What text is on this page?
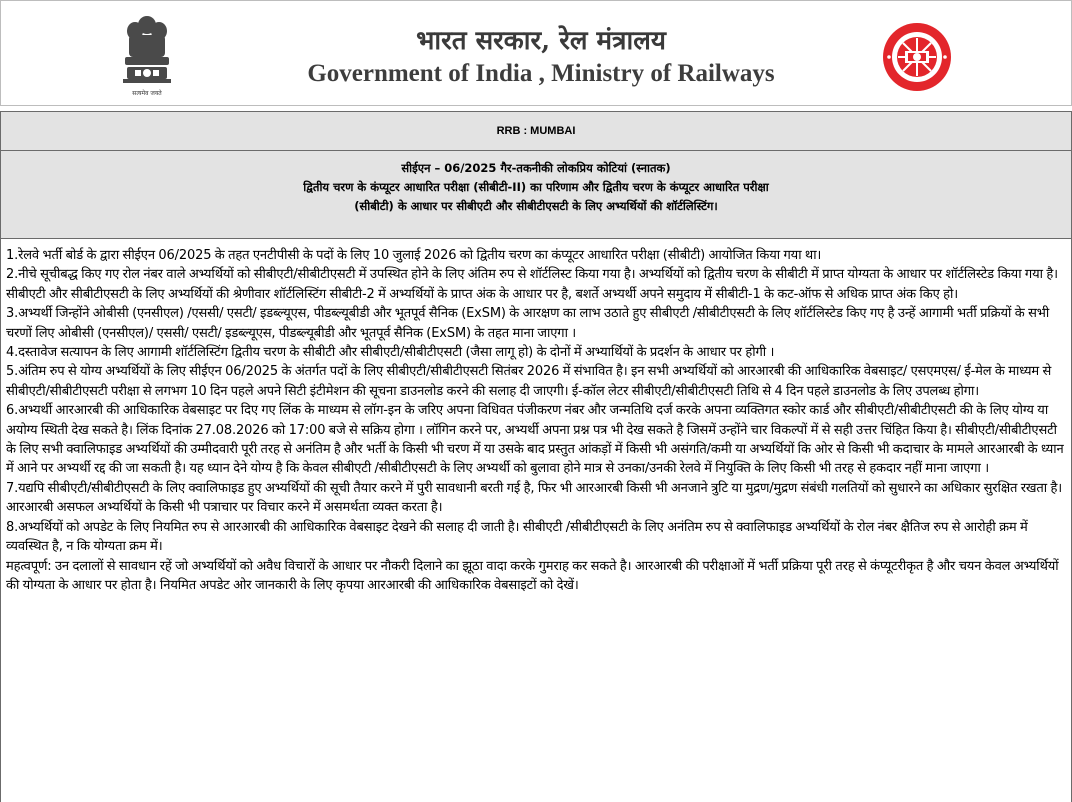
सत्यमेव जयते
भारत सरकार, रेल मंत्रालय
Government of India , Ministry of Railways
RRB : MUMBAI
सीईएन – 06/2025 गैर-तकनीकी लोकप्रिय कोटियां (स्नातक)
द्वितीय चरण के कंप्यूटर आधारित परीक्षा (सीबीटी-II) का परिणाम और द्वितीय चरण के कंप्यूटर आधारित परीक्षा
(सीबीटी) के आधार पर सीबीएटी और सीबीटीएसटी के लिए अभ्यर्थियों की शॉर्टलिस्टिंग।

1.रेलवे भर्ती बोर्ड के द्वारा सीईएन 06/2025 के तहत एनटीपीसी के पदों के लिए 10 जुलाई 2026 को द्वितीय चरण का कंप्यूटर आधारित परीक्षा (सीबीटी) आयोजित किया गया था।

2.नीचे सूचीबद्ध किए गए रोल नंबर वाले अभ्यर्थियों को सीबीएटी/सीबीटीएसटी में उपस्थित होने के लिए अंतिम रुप से शॉर्टलिस्ट किया गया है। अभ्यर्थियों को द्वितीय चरण के सीबीटी में प्राप्त योग्यता के आधार पर शॉर्टलिस्टेड किया गया है। सीबीएटी और सीबीटीएसटी के लिए अभ्यर्थियों की श्रेणीवार शॉर्टलिस्टिंग सीबीटी-2 में अभ्यर्थियों के प्राप्त अंक के आधार पर है, बशर्ते अभ्यर्थी अपने समुदाय में सीबीटी-1 के कट-ऑफ से अधिक प्राप्त अंक किए हो।

3.अभ्यर्थी जिन्होंने ओबीसी (एनसीएल) /एससी/ एसटी/ इडब्ल्यूएस, पीडब्ल्यूबीडी और भूतपूर्व सैनिक (ExSM) के आरक्षण का लाभ उठाते हुए सीबीएटी /सीबीटीएसटी के लिए शॉर्टलिस्टेड किए गए है उन्हें आगामी भर्ती प्रक्रियों के सभी चरणों लिए ओबीसी (एनसीएल)/ एससी/ एसटी/ इडब्ल्यूएस, पीडब्ल्यूबीडी और भूतपूर्व सैनिक (ExSM) के तहत माना जाएगा ।

4.दस्तावेज सत्यापन के लिए आगामी शॉर्टलिस्टिंग द्वितीय चरण के सीबीटी और सीबीएटी/सीबीटीएसटी (जैसा लागू हो) के दोनों में अभ्यार्थियों के प्रदर्शन के आधार पर होगी ।

5.अंतिम रुप से योग्य अभ्यर्थियों के लिए सीईएन 06/2025 के अंतर्गत पदों के लिए सीबीएटी/सीबीटीएसटी सितंबर 2026 में संभावित है। इन सभी अभ्यर्थियों को आरआरबी की आधिकारिक वेबसाइट/ एसएमएस/ ई-मेल के माध्यम से सीबीएटी/सीबीटीएसटी परीक्षा से लगभग 10 दिन पहले अपने सिटी इंटीमेशन की सूचना डाउनलोड करने की सलाह दी जाएगी। ई-कॉल लेटर सीबीएटी/सीबीटीएसटी तिथि से 4 दिन पहले डाउनलोड के लिए उपलब्ध होगा।

6.अभ्यर्थी आरआरबी की आधिकारिक वेबसाइट पर दिए गए लिंक के माध्यम से लॉग-इन के जरिए अपना विधिवत पंजीकरण नंबर और जन्मतिथि दर्ज करके अपना व्यक्तिगत स्कोर कार्ड और सीबीएटी/सीबीटीएसटी की के लिए योग्य या अयोग्य स्थिती देख सकते है। लिंक दिनांक 27.08.2026 को 17:00 बजे से सक्रिय होगा । लॉगिन करने पर, अभ्यर्थी अपना प्रश्न पत्र भी देख सकते है जिसमें उन्होंने चार विकल्पों में से सही उत्तर चिंहित किया है। सीबीएटी/सीबीटीएसटी के लिए सभी क्वालिफाइड अभ्यर्थियों की उम्मीदवारी पूरी तरह से अनंतिम है और भर्ती के किसी भी चरण में या उसके बाद प्रस्तुत आंकड़ों में किसी भी असंगति/कमी या अभ्यर्थियों कि ओर से किसी भी कदाचार के मामले आरआरबी के ध्यान में आने पर अभ्यर्थी रद्द की जा सकती है। यह ध्यान देने योग्य है कि केवल सीबीएटी /सीबीटीएसटी के लिए अभ्यर्थी को बुलावा होने मात्र से उनका/उनकी रेलवे में नियुक्ति के लिए किसी भी तरह से हकदार नहीं माना जाएगा ।

7.यद्यपि सीबीएटी/सीबीटीएसटी के लिए क्वालिफाइड हुए अभ्यर्थियों की सूची तैयार करने में पुरी सावधानी बरती गई है, फिर भी आरआरबी किसी भी अनजाने त्रुटि या मुद्रण/मुद्रण संबंधी गलतियों को सुधारने का अधिकार सुरक्षित रखता है। आरआरबी असफल अभ्यर्थियों के किसी भी पत्राचार पर विचार करने में असमर्थता व्यक्त करता है।

8.अभ्यर्थियों को अपडेट के लिए नियमित रुप से आरआरबी की आधिकारिक वेबसाइट देखने की सलाह दी जाती है। सीबीएटी /सीबीटीएसटी के लिए अनंतिम रुप से क्वालिफाइड अभ्यर्थियों के रोल नंबर क्षैतिज रुप से आरोही क्रम में व्यवस्थित है, न कि योग्यता क्रम में।

महत्वपूर्ण: उन दलालों से सावधान रहें जो अभ्यर्थियों को अवैध विचारों के आधार पर नौकरी दिलाने का झूठा वादा करके गुमराह कर सकते है। आरआरबी की परीक्षाओं में भर्ती प्रक्रिया पूरी तरह से कंप्यूटरीकृत है और चयन केवल अभ्यर्थियों की योग्यता के आधार पर होता है। नियमित अपडेट ओर जानकारी के लिए कृपया आरआरबी की आधिकारिक वेबसाइटों को देखें।
